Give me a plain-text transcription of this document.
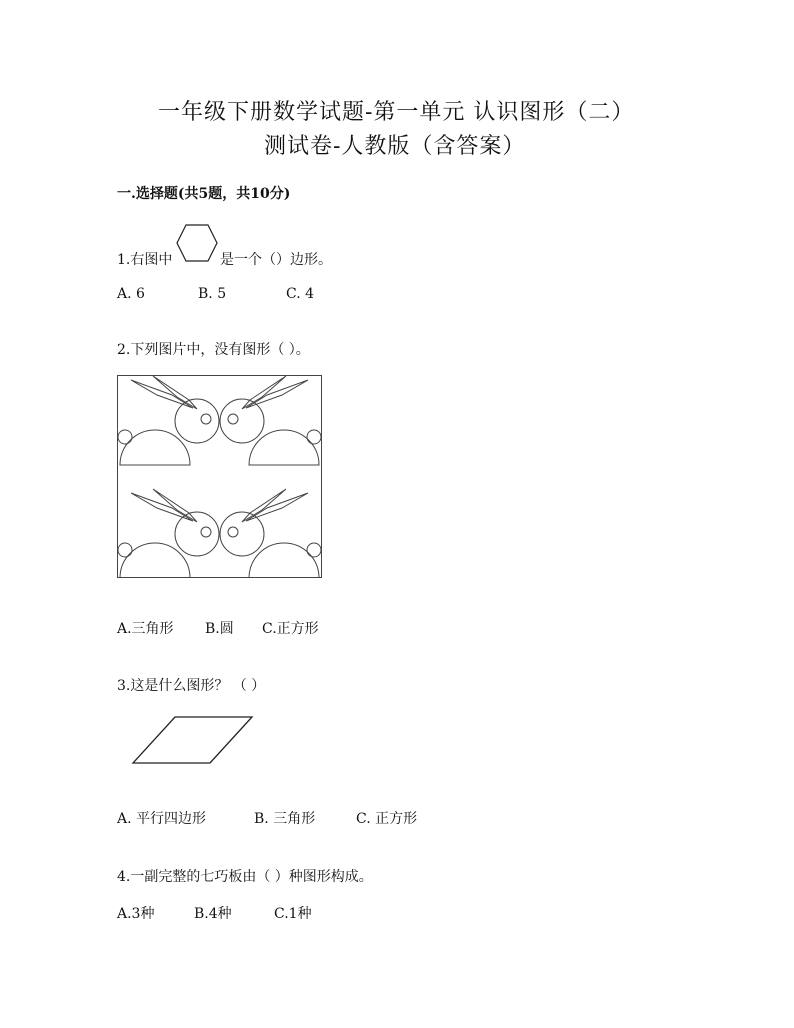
一年级下册数学试题-第一单元 认识图形（二）
测试卷-人教版（含答案）
一.选择题(共5题，共10分)
1.右图中	是一个（）边形。
A. 6	B. 5	C. 4
2.下列图片中，没有图形（ ）。
A.三角形 B.圆 C.正方形
3.这是什么图形？ （ ）
A. 平行四边形	B. 三角形	C. 正方形
4.一副完整的七巧板由（ ）种图形构成。
A.3种	B.4种	C.1种
